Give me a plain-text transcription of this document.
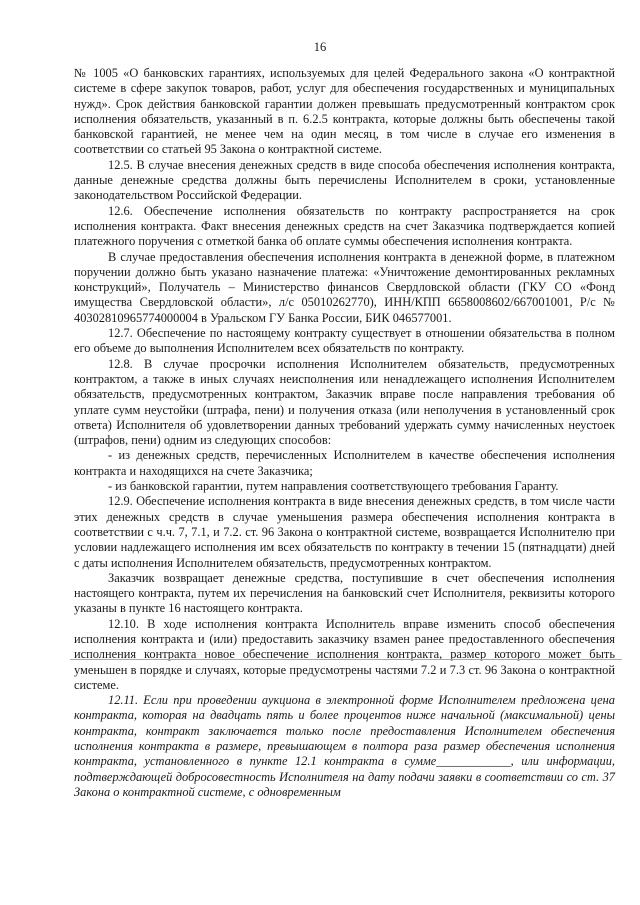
16

№ 1005 «О банковских гарантиях, используемых для целей Федерального закона «О контрактной системе в сфере закупок товаров, работ, услуг для обеспечения государственных и муниципальных нужд». Срок действия банковской гарантии должен превышать предусмотренный контрактом срок исполнения обязательств, указанный в п. 6.2.5 контракта, которые должны быть обеспечены такой банковской гарантией, не менее чем на один месяц, в том числе в случае его изменения в соответствии со статьей 95 Закона о контрактной системе.

12.5. В случае внесения денежных средств в виде способа обеспечения исполнения контракта, данные денежные средства должны быть перечислены Исполнителем в сроки, установленные законодательством Российской Федерации.

12.6. Обеспечение исполнения обязательств по контракту распространяется на срок исполнения контракта. Факт внесения денежных средств на счет Заказчика подтверждается копией платежного поручения с отметкой банка об оплате суммы обеспечения исполнения контракта.

В случае предоставления обеспечения исполнения контракта в денежной форме, в платежном поручении должно быть указано назначение платежа: «Уничтожение демонтированных рекламных конструкций», Получатель – Министерство финансов Свердловской области (ГКУ СО «Фонд имущества Свердловской области», л/с 05010262770), ИНН/КПП 6658008602/667001001, Р/с № 40302810965774000004 в Уральском ГУ Банка России, БИК 046577001.

12.7. Обеспечение по настоящему контракту существует в отношении обязательства в полном его объеме до выполнения Исполнителем всех обязательств по контракту.

12.8. В случае просрочки исполнения Исполнителем обязательств, предусмотренных контрактом, а также в иных случаях неисполнения или ненадлежащего исполнения Исполнителем обязательств, предусмотренных контрактом, Заказчик вправе после направления требования об уплате сумм неустойки (штрафа, пени) и получения отказа (или неполучения в установленный срок ответа) Исполнителя об удовлетворении данных требований удержать сумму начисленных неустоек (штрафов, пени) одним из следующих способов:

- из денежных средств, перечисленных Исполнителем в качестве обеспечения исполнения контракта и находящихся на счете Заказчика;

- из банковской гарантии, путем направления соответствующего требования Гаранту.

12.9. Обеспечение исполнения контракта в виде внесения денежных средств, в том числе части этих денежных средств в случае уменьшения размера обеспечения исполнения контракта в соответствии с ч.ч. 7, 7.1, и 7.2. ст. 96 Закона о контрактной системе, возвращается Исполнителю при условии надлежащего исполнения им всех обязательств по контракту в течении 15 (пятнадцати) дней с даты исполнения Исполнителем обязательств, предусмотренных контрактом.

Заказчик возвращает денежные средства, поступившие в счет обеспечения исполнения настоящего контракта, путем их перечисления на банковский счет Исполнителя, реквизиты которого указаны в пункте 16 настоящего контракта.

12.10. В ходе исполнения контракта Исполнитель вправе изменить способ обеспечения исполнения контракта и (или) предоставить заказчику взамен ранее предоставленного обеспечения исполнения контракта новое обеспечение исполнения контракта, размер которого может быть уменьшен в порядке и случаях, которые предусмотрены частями 7.2 и 7.3 ст. 96 Закона о контрактной системе.

12.11. Если при проведении аукциона в электронной форме Исполнителем предложена цена контракта, которая на двадцать пять и более процентов ниже начальной (максимальной) цены контракта, контракт заключается только после предоставления Исполнителем обеспечения исполнения контракта в размере, превышающем в полтора раза размер обеспечения исполнения контракта, установленного в пункте 12.1 контракта в сумме____________, или информации, подтверждающей добросовестность Исполнителя на дату подачи заявки в соответствии со ст. 37 Закона о контрактной системе, с одновременным
